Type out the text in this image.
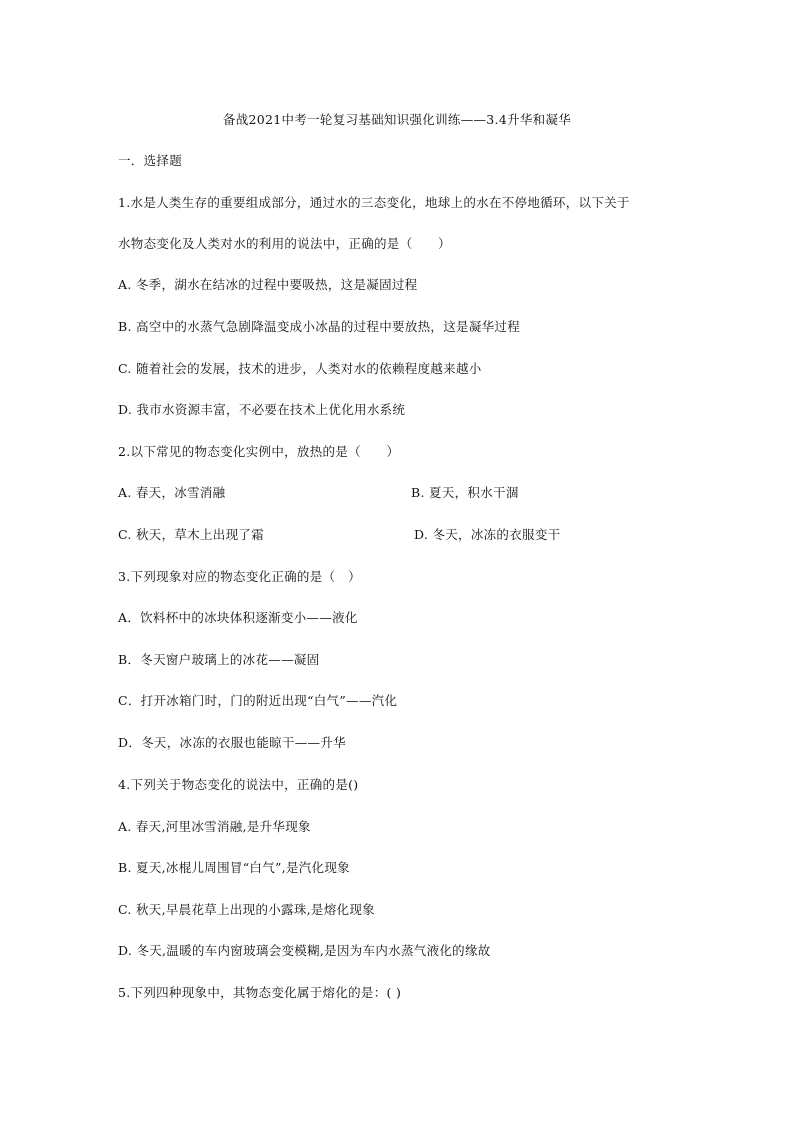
备战2021中考一轮复习基础知识强化训练——3.4升华和凝华
一．选择题
1.水是人类生存的重要组成部分，通过水的三态变化，地球上的水在不停地循环，以下关于
水物态变化及人类对水的利用的说法中，正确的是（　　）
A. 冬季，湖水在结冰的过程中要吸热，这是凝固过程
B. 高空中的水蒸气急剧降温变成小冰晶的过程中要放热，这是凝华过程
C. 随着社会的发展，技术的进步，人类对水的依赖程度越来越小
D. 我市水资源丰富，不必要在技术上优化用水系统
2.以下常见的物态变化实例中，放热的是（　　）
A. 春天，冰雪消融	B. 夏天，积水干涸
C. 秋天，草木上出现了霜	D. 冬天，冰冻的衣服变干
3.下列现象对应的物态变化正确的是（　）
A．饮料杯中的冰块体积逐渐变小——液化
B．冬天窗户玻璃上的冰花——凝固
C．打开冰箱门时，门的附近出现“白气”——汽化
D．冬天，冰冻的衣服也能晾干——升华
4.下列关于物态变化的说法中，正确的是()
A. 春天,河里冰雪消融,是升华现象
B. 夏天,冰棍儿周围冒“白气”,是汽化现象
C. 秋天,早晨花草上出现的小露珠,是熔化现象
D. 冬天,温暖的车内窗玻璃会变模糊,是因为车内水蒸气液化的缘故
5.下列四种现象中，其物态变化属于熔化的是：( )
